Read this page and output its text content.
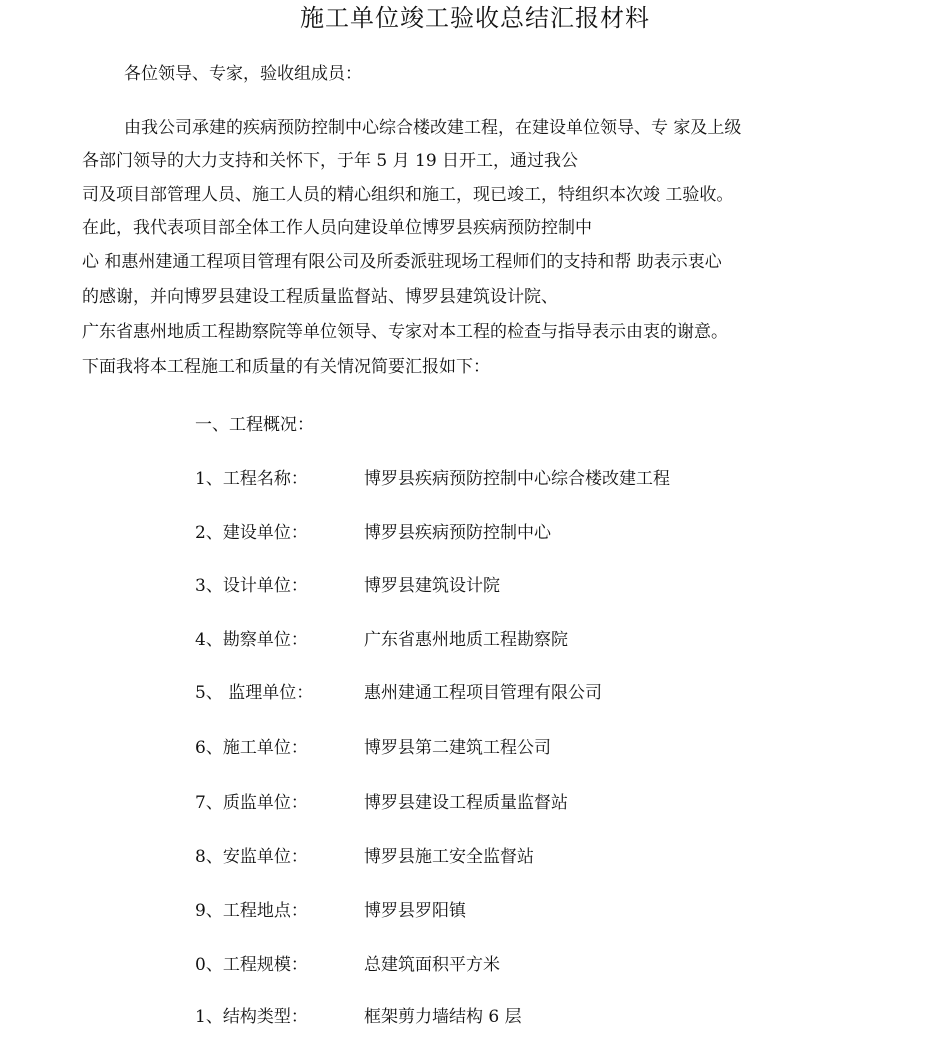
施工单位竣工验收总结汇报材料
各位领导、专家，验收组成员：
由我公司承建的疾病预防控制中心综合楼改建工程，在建设单位领导、专 家及上级
各部门领导的大力支持和关怀下，于年 5 月 19 日开工，通过我公
司及项目部管理人员、施工人员的精心组织和施工，现已竣工，特组织本次竣 工验收。
在此，我代表项目部全体工作人员向建设单位博罗县疾病预防控制中
心 和惠州建通工程项目管理有限公司及所委派驻现场工程师们的支持和帮 助表示衷心
的感谢，并向博罗县建设工程质量监督站、博罗县建筑设计院、
广东省惠州地质工程勘察院等单位领导、专家对本工程的检查与指导表示由衷的谢意。
下面我将本工程施工和质量的有关情况简要汇报如下：
一、工程概况：
1、工程名称：	博罗县疾病预防控制中心综合楼改建工程
2、建设单位：	博罗县疾病预防控制中心
3、设计单位：	博罗县建筑设计院
4、勘察单位：	广东省惠州地质工程勘察院
5、 监理单位：	惠州建通工程项目管理有限公司
6、施工单位：	博罗县第二建筑工程公司
7、质监单位：	博罗县建设工程质量监督站
8、安监单位：	博罗县施工安全监督站
9、工程地点：	博罗县罗阳镇
0、工程规模：	总建筑面积平方米
1、结构类型：	框架剪力墙结构 6 层
